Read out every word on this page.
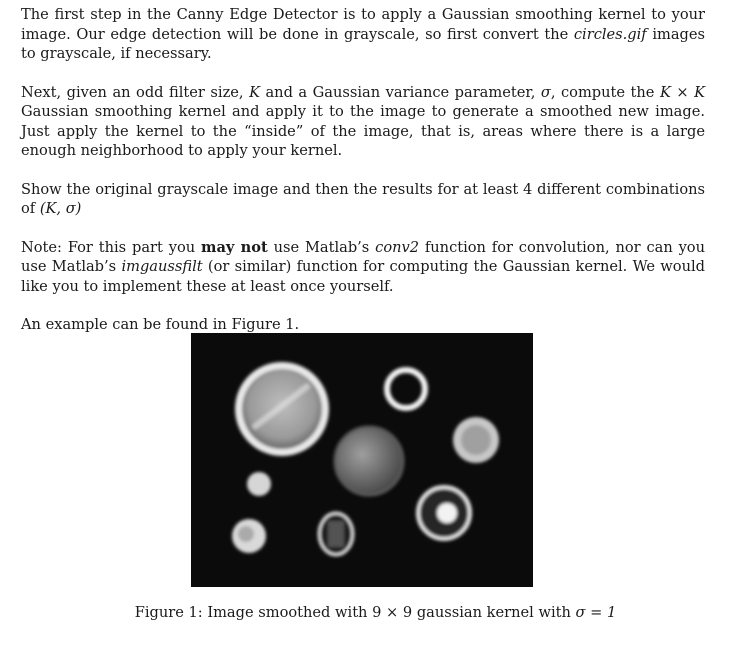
The first step in the Canny Edge Detector is to apply a Gaussian smoothing kernel to your image. Our edge detection will be done in grayscale, so first convert the circles.gif images to grayscale, if necessary.

Next, given an odd filter size, K and a Gaussian variance parameter, σ, compute the K × K Gaussian smoothing kernel and apply it to the image to generate a smoothed new image. Just apply the kernel to the “inside” of the image, that is, areas where there is a large enough neighborhood to apply your kernel.

Show the original grayscale image and then the results for at least 4 different combinations of (K, σ)

Note: For this part you may not use Matlab’s conv2 function for convolution, nor can you use Matlab’s imgaussfilt (or similar) function for computing the Gaussian kernel. We would like you to implement these at least once yourself.

An example can be found in Figure 1.

Figure 1: Image smoothed with 9 × 9 gaussian kernel with σ = 1
